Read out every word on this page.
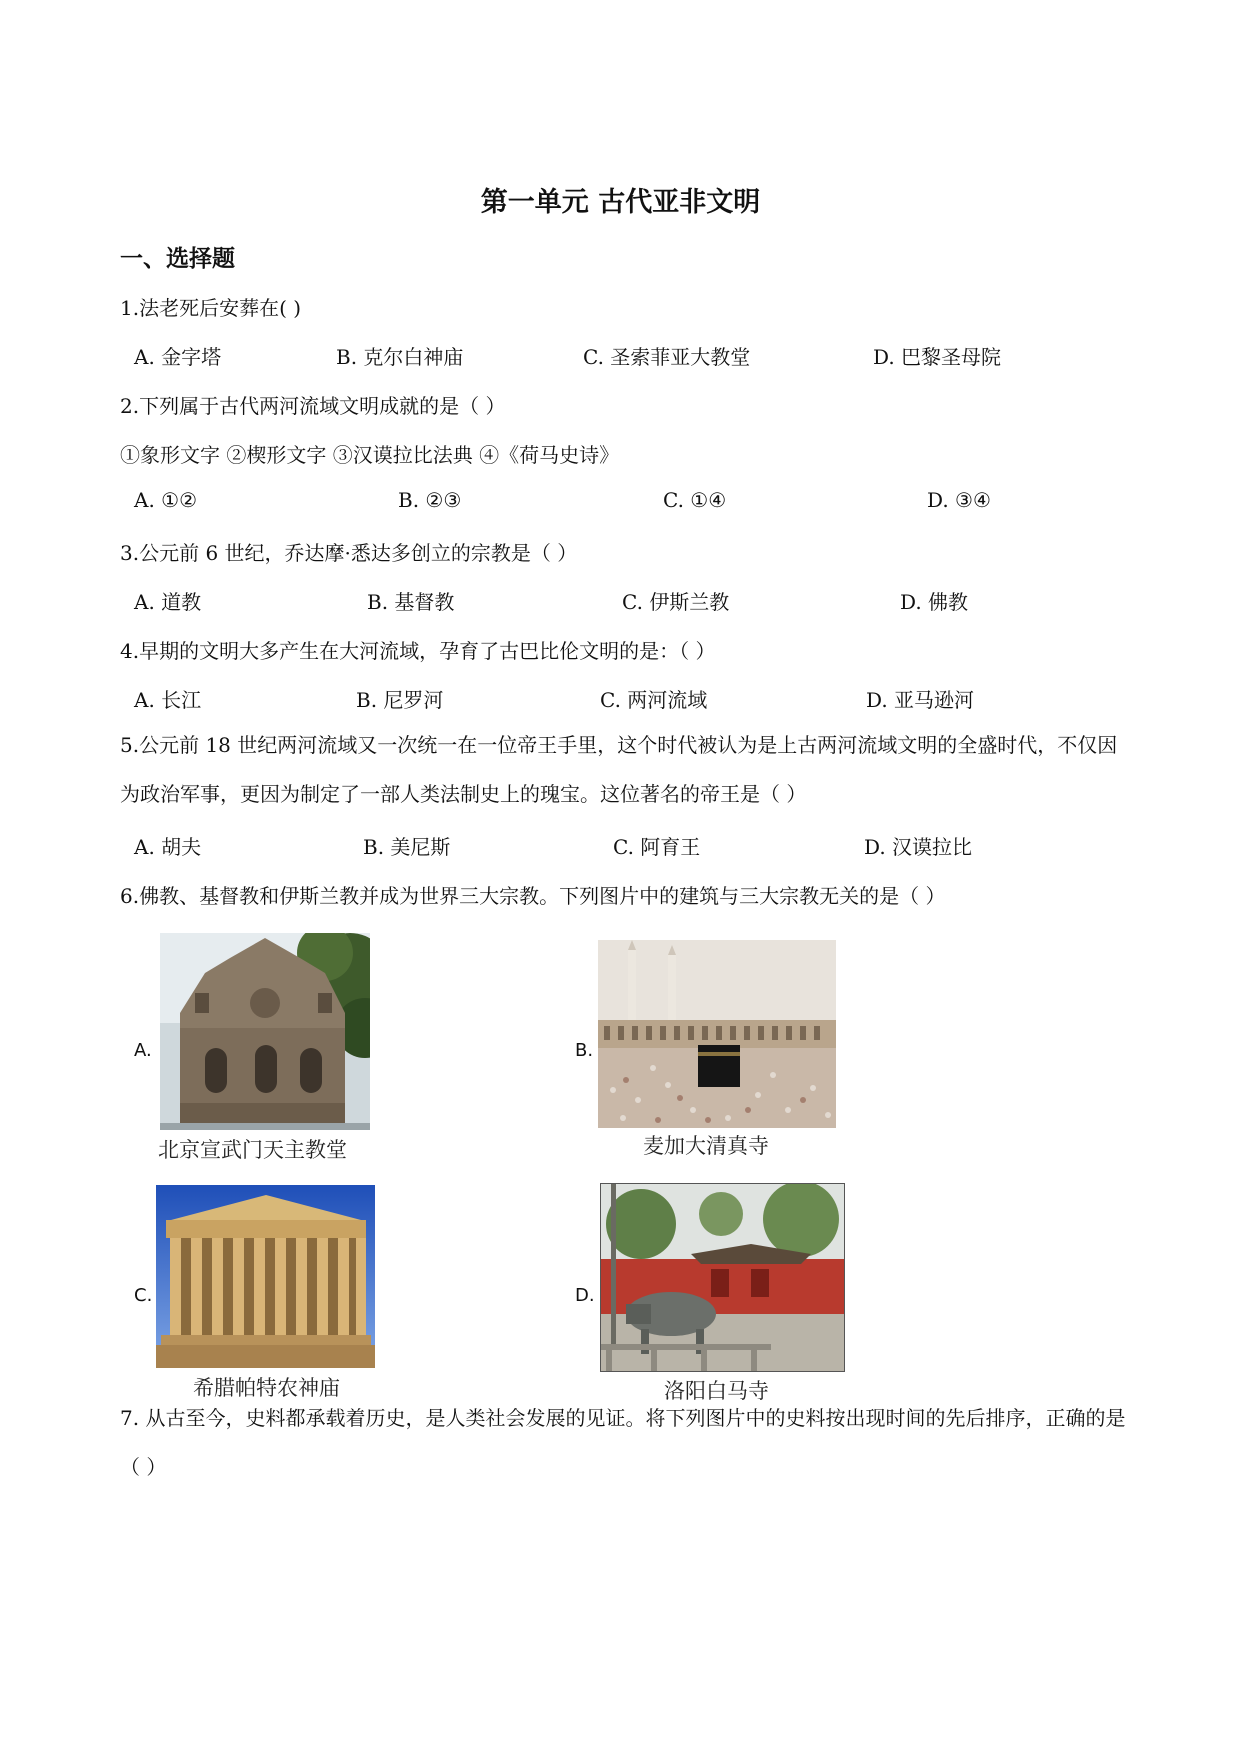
第一单元 古代亚非文明
一、选择题
1.法老死后安葬在( )
A. 金字塔	B. 克尔白神庙	C. 圣索菲亚大教堂	D. 巴黎圣母院
2.下列属于古代两河流域文明成就的是（ ）
①象形文字 ②楔形文字 ③汉谟拉比法典 ④《荷马史诗》
A. ①②	B. ②③	C. ①④	D. ③④
3.公元前 6 世纪，乔达摩·悉达多创立的宗教是（ ）
A. 道教	B. 基督教	C. 伊斯兰教	D. 佛教
4.早期的文明大多产生在大河流域，孕育了古巴比伦文明的是：（ ）
A. 长江	B. 尼罗河	C. 两河流域	D. 亚马逊河
5.公元前 18 世纪两河流域又一次统一在一位帝王手里，这个时代被认为是上古两河流域文明的全盛时代，不仅因为政治军事，更因为制定了一部人类法制史上的瑰宝。这位著名的帝王是（ ）
A. 胡夫	B. 美尼斯	C. 阿育王	D. 汉谟拉比
6.佛教、基督教和伊斯兰教并成为世界三大宗教。下列图片中的建筑与三大宗教无关的是（ ）
A.
北京宣武门天主教堂
B.
麦加大清真寺
C.
希腊帕特农神庙
D.
洛阳白马寺
7. 从古至今，史料都承载着历史，是人类社会发展的见证。将下列图片中的史料按出现时间的先后排序，正确的是（ ）
